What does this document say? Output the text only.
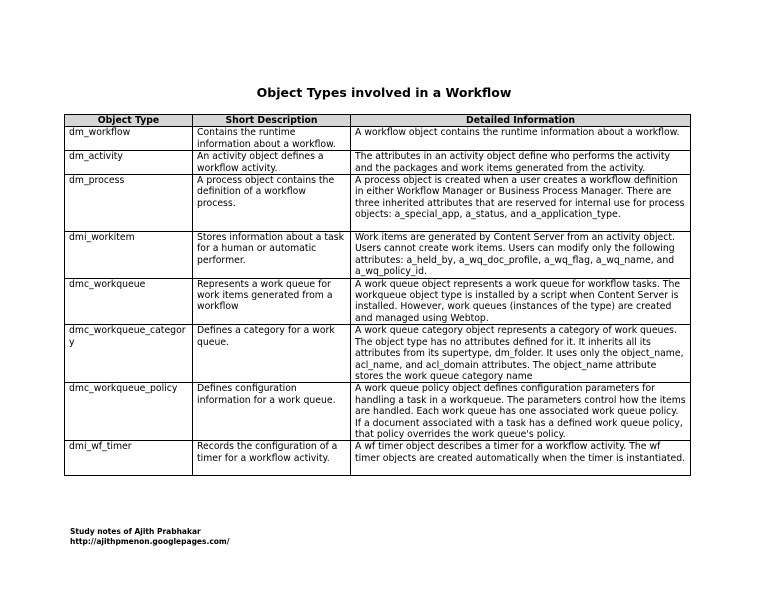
Object Types involved in a Workflow
Object Type	Short Description	Detailed Information
dm_workflow	Contains the runtime information about a workflow.	A workflow object contains the runtime information about a workflow.
dm_activity	An activity object defines a workflow activity.	The attributes in an activity object define who performs the activity and the packages and work items generated from the activity.
dm_process	A process object contains the definition of a workflow process.	A process object is created when a user creates a workflow definition in either Workflow Manager or Business Process Manager. There are three inherited attributes that are reserved for internal use for process objects: a_special_app, a_status, and a_application_type.
dmi_workitem	Stores information about a task for a human or automatic performer.	Work items are generated by Content Server from an activity object. Users cannot create work items. Users can modify only the following attributes: a_held_by, a_wq_doc_profile, a_wq_flag, a_wq_name, and a_wq_policy_id.
dmc_workqueue	Represents a work queue for work items generated from a workflow	A work queue object represents a work queue for workflow tasks. The workqueue object type is installed by a script when Content Server is installed. However, work queues (instances of the type) are created and managed using Webtop.
dmc_workqueue_category	Defines a category for a work queue.	A work queue category object represents a category of work queues. The object type has no attributes defined for it. It inherits all its attributes from its supertype, dm_folder. It uses only the object_name, acl_name, and acl_domain attributes. The object_name attribute stores the work queue category name
dmc_workqueue_policy	Defines configuration information for a work queue.	A work queue policy object defines configuration parameters for handling a task in a workqueue. The parameters control how the items are handled. Each work queue has one associated work queue policy. If a document associated with a task has a defined work queue policy, that policy overrides the work queue's policy.
dmi_wf_timer	Records the configuration of a timer for a workflow activity.	A wf timer object describes a timer for a workflow activity. The wf timer objects are created automatically when the timer is instantiated.
Study notes of Ajith Prabhakar
http://ajithpmenon.googlepages.com/
